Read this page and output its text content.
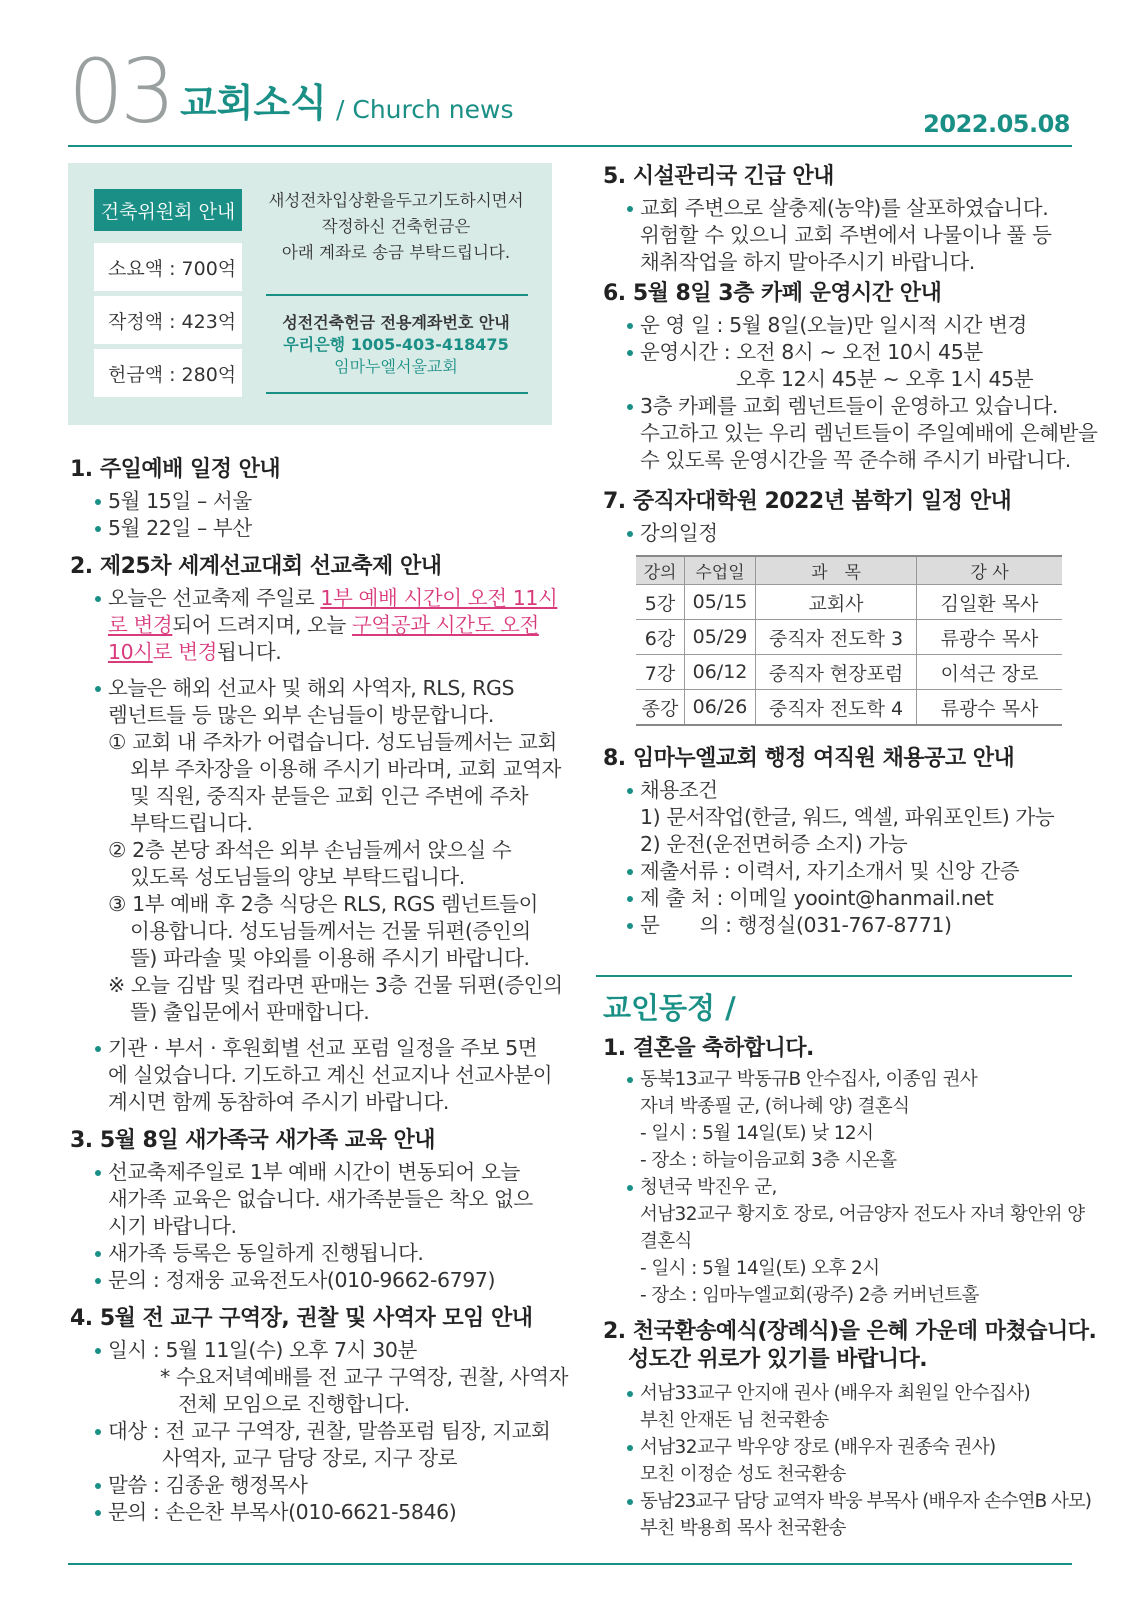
03 교회소식 / Church news	2022.05.08
건축위원회 안내
소요액 : 700억
작정액 : 423억
헌금액 : 280억
새성전차입상환을두고기도하시면서
작정하신 건축헌금은
아래 계좌로 송금 부탁드립니다.
성전건축헌금 전용계좌번호 안내
우리은행 1005-403-418475
임마누엘서울교회
1. 주일예배 일정 안내
5월 15일 – 서울
5월 22일 – 부산
2. 제25차 세계선교대회 선교축제 안내
오늘은 선교축제 주일로 1부 예배 시간이 오전 11시
로 변경되어 드려지며, 오늘 구역공과 시간도 오전
10시로 변경됩니다.
오늘은 해외 선교사 및 해외 사역자, RLS, RGS
렘넌트들 등 많은 외부 손님들이 방문합니다.
① 교회 내 주차가 어렵습니다. 성도님들께서는 교회
외부 주차장을 이용해 주시기 바라며, 교회 교역자
및 직원, 중직자 분들은 교회 인근 주변에 주차
부탁드립니다.
② 2층 본당 좌석은 외부 손님들께서 앉으실 수
있도록 성도님들의 양보 부탁드립니다.
③ 1부 예배 후 2층 식당은 RLS, RGS 렘넌트들이
이용합니다. 성도님들께서는 건물 뒤편(증인의
뜰) 파라솔 및 야외를 이용해 주시기 바랍니다.
※ 오늘 김밥 및 컵라면 판매는 3층 건물 뒤편(증인의
뜰) 출입문에서 판매합니다.
기관 · 부서 · 후원회별 선교 포럼 일정을 주보 5면
에 실었습니다. 기도하고 계신 선교지나 선교사분이
계시면 함께 동참하여 주시기 바랍니다.
3. 5월 8일 새가족국 새가족 교육 안내
선교축제주일로 1부 예배 시간이 변동되어 오늘
새가족 교육은 없습니다. 새가족분들은 착오 없으
시기 바랍니다.
새가족 등록은 동일하게 진행됩니다.
문의 : 정재웅 교육전도사(010-9662-6797)
4. 5월 전 교구 구역장, 권찰 및 사역자 모임 안내
일시 : 5월 11일(수) 오후 7시 30분
* 수요저녁예배를 전 교구 구역장, 권찰, 사역자
전체 모임으로 진행합니다.
대상 : 전 교구 구역장, 권찰, 말씀포럼 팀장, 지교회
사역자, 교구 담당 장로, 지구 장로
말씀 : 김종윤 행정목사
문의 : 손은찬 부목사(010-6621-5846)
5. 시설관리국 긴급 안내
교회 주변으로 살충제(농약)를 살포하였습니다.
위험할 수 있으니 교회 주변에서 나물이나 풀 등
채취작업을 하지 말아주시기 바랍니다.
6. 5월 8일 3층 카페 운영시간 안내
운 영 일 : 5월 8일(오늘)만 일시적 시간 변경
운영시간 : 오전 8시 ~ 오전 10시 45분
오후 12시 45분 ~ 오후 1시 45분
3층 카페를 교회 렘넌트들이 운영하고 있습니다.
수고하고 있는 우리 렘넌트들이 주일예배에 은혜받을
수 있도록 운영시간을 꼭 준수해 주시기 바랍니다.
7. 중직자대학원 2022년 봄학기 일정 안내
강의일정
강의	수업일	과　목	강 사
5강	05/15	교회사	김일환 목사
6강	05/29	중직자 전도학 3	류광수 목사
7강	06/12	중직자 현장포럼	이석근 장로
종강	06/26	중직자 전도학 4	류광수 목사
8. 임마누엘교회 행정 여직원 채용공고 안내
채용조건
1) 문서작업(한글, 워드, 엑셀, 파워포인트) 가능
2) 운전(운전면허증 소지) 가능
제출서류 : 이력서, 자기소개서 및 신앙 간증
제 출 처 : 이메일 yooint@hanmail.net
문　　의 : 행정실(031-767-8771)
교인동정 /
1. 결혼을 축하합니다.
동북13교구 박동규B 안수집사, 이종임 권사
자녀 박종필 군, (허나혜 양) 결혼식
- 일시 : 5월 14일(토) 낮 12시
- 장소 : 하늘이음교회 3층 시온홀
청년국 박진우 군,
서남32교구 황지호 장로, 어금양자 전도사 자녀 황안위 양
결혼식
- 일시 : 5월 14일(토) 오후 2시
- 장소 : 임마누엘교회(광주) 2층 커버넌트홀
2. 천국환송예식(장례식)을 은혜 가운데 마쳤습니다.
성도간 위로가 있기를 바랍니다.
서남33교구 안지애 권사 (배우자 최원일 안수집사)
부친 안재돈 님 천국환송
서남32교구 박우양 장로 (배우자 권종숙 권사)
모친 이정순 성도 천국환송
동남23교구 담당 교역자 박웅 부목사 (배우자 손수연B 사모)
부친 박용희 목사 천국환송
